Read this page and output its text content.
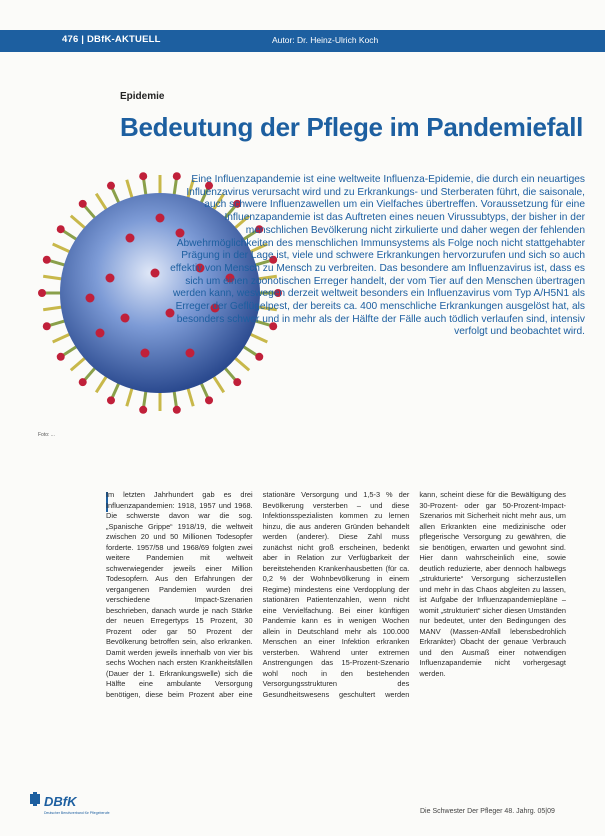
476 | DBfK-AKTUELL	Autor: Dr. Heinz-Ulrich Koch
Epidemie
Bedeutung der Pflege im Pandemiefall
Eine Influenzapandemie ist eine weltweite Influenza-Epidemie, die durch ein neuartiges Influenzavirus verursacht wird und zu Erkrankungs- und Sterberaten führt, die saisonale, auch schwere Influenzawellen um ein Vielfaches übertreffen. Voraussetzung für eine Influenzapandemie ist das Auftreten eines neuen Virussubtyps, der bisher in der menschlichen Bevölkerung nicht zirkulierte und daher wegen der fehlenden Abwehrmöglichkeiten des menschlichen Immunsystems als Folge noch nicht stattgehabter Prägung in der Lage ist, viele und schwere Erkrankungen hervorzurufen und sich so auch effektiv von Mensch zu Mensch zu verbreiten. Das besondere am Influenzavirus ist, dass es sich um einen zoonotischen Erreger handelt, der vom Tier auf den Menschen übertragen werden kann, weswegen derzeit weltweit besonders ein Influenzavirus vom Typ A/H5N1 als Erreger der Geflügelpest, der bereits ca. 400 menschliche Erkrankungen ausgelöst hat, als besonders schwer und in mehr als der Hälfte der Fälle auch tödlich verlaufen sind, intensiv verfolgt und beobachtet wird.
Foto: ...

Im letzten Jahrhundert gab es drei Influenzapandemien: 1918, 1957 und 1968. Die schwerste davon war die sog. „Spanische Grippe“ 1918/19, die weltweit zwischen 20 und 50 Millionen Todesopfer forderte. 1957/58 und 1968/69 folgten zwei weitere Pandemien mit weltweit schwerwiegender jeweils einer Million Todesopfern. Aus den Erfahrungen der vergangenen Pandemien wurden drei verschiedene Impact-Szenarien beschrieben, danach wurde je nach Stärke der neuen Erregertyps 15 Prozent, 30 Prozent oder gar 50 Prozent der Bevölkerung betroffen sein, also erkranken. Damit werden jeweils innerhalb von vier bis sechs Wochen nach ersten Krankheitsfällen (Dauer der 1. Erkrankungswelle) sich die Hälfte eine ambulante Versorgung benötigen, diese beim Prozent aber eine stationäre Versorgung und 1,5-3 % der Bevölkerung versterben – und diese Infektionsspezialisten kommen zu lernen hinzu, die aus anderen Gründen behandelt werden (anderer). Diese Zahl muss zunächst nicht groß erscheinen, bedenkt aber in Relation zur Verfügbarkeit der bereitstehenden Krankenhausbetten (für ca. 0,2 % der Wohnbevölkerung in einem Regime) mindestens eine Verdopplung der stationären Patientenzahlen, wenn nicht eine Vervielfachung. Bei einer künftigen Pandemie kann es in wenigen Wochen allein in Deutschland mehr als 100.000 Menschen an einer Infektion erkranken versterben. Während unter extremen Anstrengungen das 15-Prozent-Szenario wohl noch in den bestehenden Versorgungsstrukturen des Gesundheitswesens geschultert werden kann, scheint diese für die Bewältigung des 30-Prozent- oder gar 50-Prozent-Impact-Szenarios mit Sicherheit nicht mehr aus, um allen Erkrankten eine medizinische oder pflegerische Versorgung zu gewähren, die sie benötigen, erwarten und gewohnt sind. Hier dann wahrscheinlich eine, sowie deutlich reduzierte, aber dennoch halbwegs „strukturierte“ Versorgung sicherzustellen und mehr in das Chaos abgleiten zu lassen, ist Aufgabe der Influenzapandemiepläne – womit „strukturiert“ sicher diesen Umständen nur bedeutet, unter den Bedingungen des MANV (Massen-ANfall lebensbedrohlich Erkrankter) Obacht der genaue Verbrauch und den Ausmaß einer notwendigen Influenzapandemie nicht vorhergesagt werden.

DBfK
Deutscher Berufsverband für Pflegeberufe	Die Schwester Der Pfleger 48. Jahrg. 05|09
